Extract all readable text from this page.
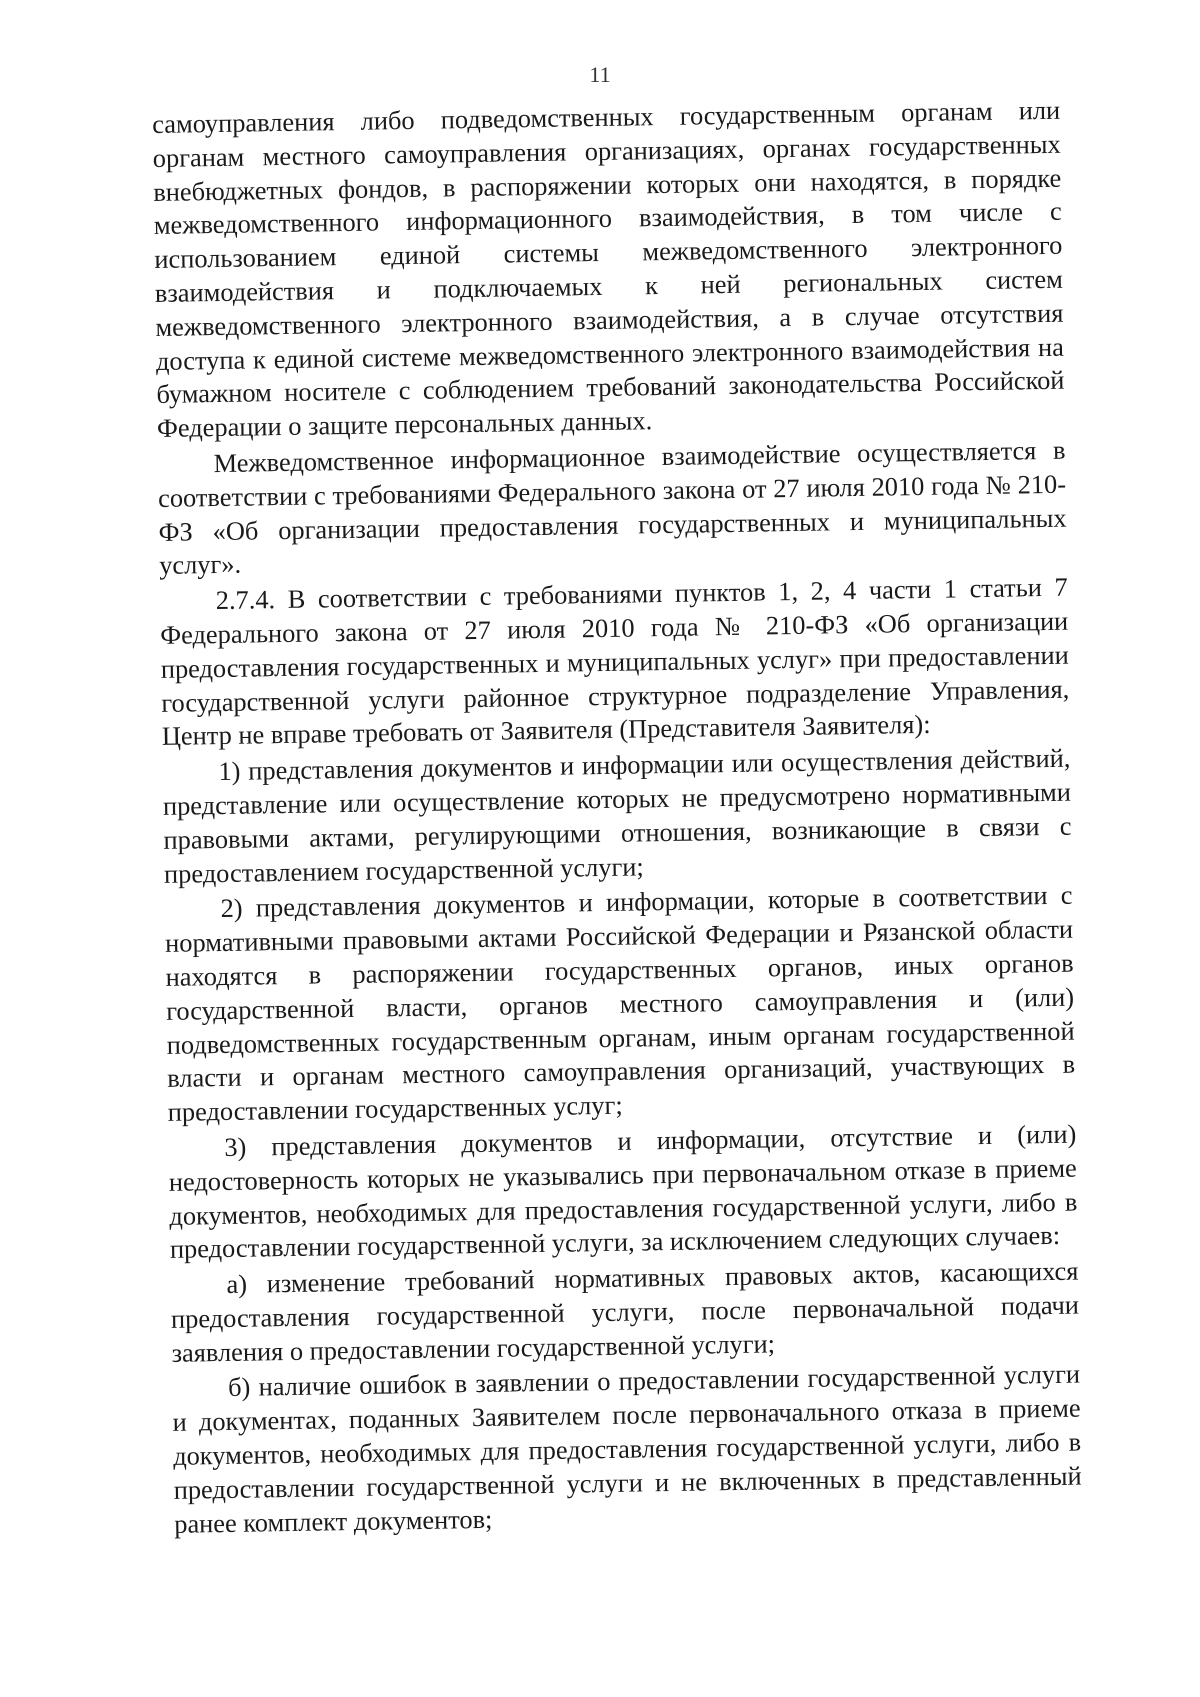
11

самоуправления либо подведомственных государственным органам или органам местного самоуправления организациях, органах государственных внебюджетных фондов, в распоряжении которых они находятся, в порядке межведомственного информационного взаимодействия, в том числе с использованием единой системы межведомственного электронного взаимодействия и подключаемых к ней региональных систем межведомственного электронного взаимодействия, а в случае отсутствия доступа к единой системе межведомственного электронного взаимодействия на бумажном носителе с соблюдением требований законодательства Российской Федерации о защите персональных данных.

Межведомственное информационное взаимодействие осуществляется в соответствии с требованиями Федерального закона от 27 июля 2010 года № 210-ФЗ «Об организации предоставления государственных и муниципальных услуг».

2.7.4. В соответствии с требованиями пунктов 1, 2, 4 части 1 статьи 7 Федерального закона от 27 июля 2010 года № 210-ФЗ «Об организации предоставления государственных и муниципальных услуг» при предоставлении государственной услуги районное структурное подразделение Управления, Центр не вправе требовать от Заявителя (Представителя Заявителя):

1) представления документов и информации или осуществления действий, представление или осуществление которых не предусмотрено нормативными правовыми актами, регулирующими отношения, возникающие в связи с предоставлением государственной услуги;

2) представления документов и информации, которые в соответствии с нормативными правовыми актами Российской Федерации и Рязанской области находятся в распоряжении государственных органов, иных органов государственной власти, органов местного самоуправления и (или) подведомственных государственным органам, иным органам государственной власти и органам местного самоуправления организаций, участвующих в предоставлении государственных услуг;

3) представления документов и информации, отсутствие и (или) недостоверность которых не указывались при первоначальном отказе в приеме документов, необходимых для предоставления государственной услуги, либо в предоставлении государственной услуги, за исключением следующих случаев:

а) изменение требований нормативных правовых актов, касающихся предоставления государственной услуги, после первоначальной подачи заявления о предоставлении государственной услуги;

б) наличие ошибок в заявлении о предоставлении государственной услуги и документах, поданных Заявителем после первоначального отказа в приеме документов, необходимых для предоставления государственной услуги, либо в предоставлении государственной услуги и не включенных в представленный ранее комплект документов;
